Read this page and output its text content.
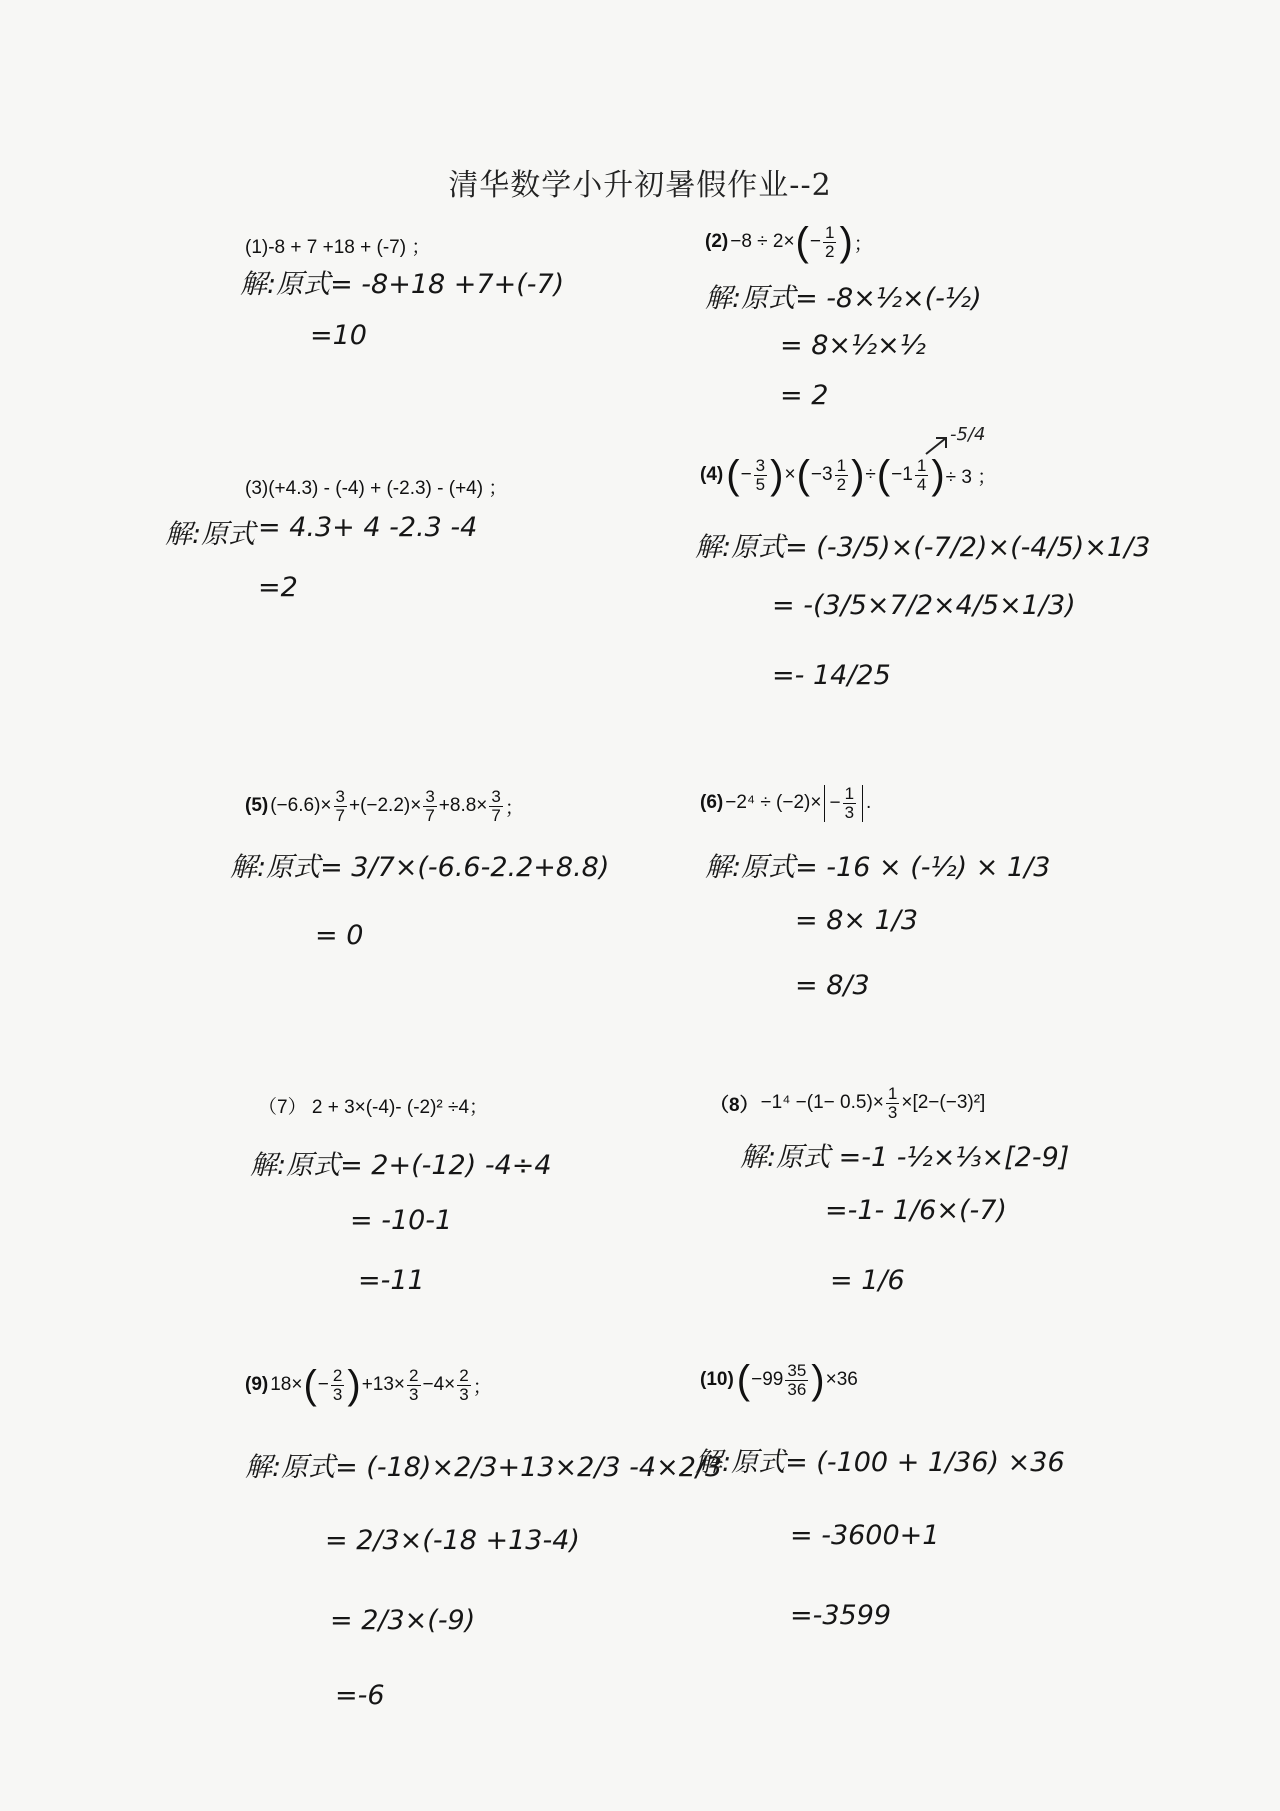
清华数学小升初暑假作业--2
(1)-8 + 7 +18 + (-7) ；
解:原式= -8+18 +7+(-7)
=10
(2) −8 ÷ 2× ( − $\frac{1}{2}$ ) ；
解:原式= -8×½×(-½)
= 8×½×½
= 2
(3)(+4.3) - (-4) + (-2.3) - (+4) ；
解:原式 = 4.3+ 4 -2.3 -4
=2
-5/4
(4) ( − $\frac{3}{5}$ ) × ( − $3 \frac{1}{2}$ ) ÷ ( − $1 \frac{1}{4}$ ) ÷ 3 ；
解:原式= (-3/5)×(-7/2)×(-4/5)×1/3
= -(3/5×7/2×4/5×1/3)
=- 14/25
(5) $(-6.6)\times \frac{3}{7} +(-2.2)\times \frac{3}{7} +8.8\times \frac{3}{7}$ ；
解:原式= 3/7×(-6.6-2.2+8.8)
= 0
$(6) -2^4 \div (-2)\times - \frac{1}{3}$ .
解:原式= -16 × (-½) × 1/3
= 8× 1/3
= 8/3
（7） 2 + 3×(-4)- (-2)² ÷4；
解:原式= 2+(-12) -4÷4
= -10-1
=-11
$(8) -1^4 -(1- 0.5)\times \frac{1}{3} \times[2-(-3)^2]$
解:原式 =-1 -½×⅓×[2-9]
=-1- 1/6×(-7)
= 1/6
(9) 18× ( − $\frac{2}{3}$ ) $+13\times \frac{2}{3} -4\times \frac{2}{3}$ ；
解:原式= (-18)×2/3+13×2/3 -4×2/3
= 2/3×(-18 +13-4)
= 2/3×(-9)
=-6
(10) ( $-99 \frac{35}{36}$ ) ×36
解:原式= (-100 + 1/36) ×36
= -3600+1
=-3599
